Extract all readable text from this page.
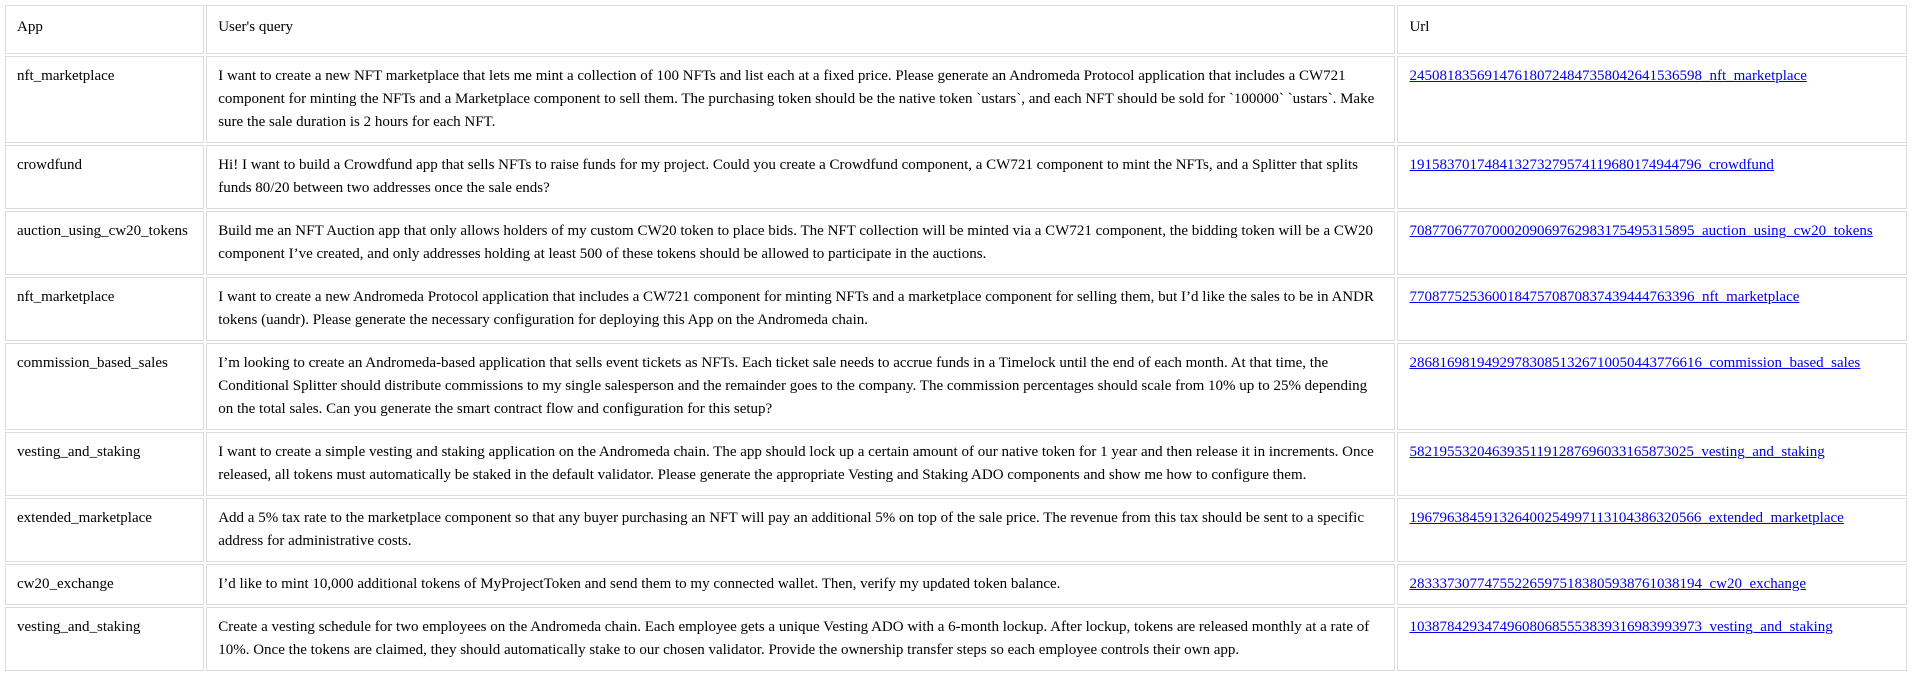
App	User's query	Url
nft_marketplace	I want to create a new NFT marketplace that lets me mint a collection of 100 NFTs and list each at a fixed price. Please generate an Andromeda Protocol application that includes a CW721 component for minting the NFTs and a Marketplace component to sell them. The purchasing token should be the native token `ustars`, and each NFT should be sold for `100000` `ustars`. Make sure the sale duration is 2 hours for each NFT.	245081835691476180724847358042641536598_nft_marketplace
crowdfund	Hi! I want to build a Crowdfund app that sells NFTs to raise funds for my project. Could you create a Crowdfund component, a CW721 component to mint the NFTs, and a Splitter that splits funds 80/20 between two addresses once the sale ends?	191583701748413273279574119680174944796_crowdfund
auction_using_cw20_tokens	Build me an NFT Auction app that only allows holders of my custom CW20 token to place bids. The NFT collection will be minted via a CW721 component, the bidding token will be a CW20 component I’ve created, and only addresses holding at least 500 of these tokens should be allowed to participate in the auctions.	70877067707000209069762983175495315895_auction_using_cw20_tokens
nft_marketplace	I want to create a new Andromeda Protocol application that includes a CW721 component for minting NFTs and a marketplace component for selling them, but I’d like the sales to be in ANDR tokens (uandr). Please generate the necessary configuration for deploying this App on the Andromeda chain.	77087752536001847570870837439444763396_nft_marketplace
commission_based_sales	I’m looking to create an Andromeda-based application that sells event tickets as NFTs. Each ticket sale needs to accrue funds in a Timelock until the end of each month. At that time, the Conditional Splitter should distribute commissions to my single salesperson and the remainder goes to the company. The commission percentages should scale from 10% up to 25% depending on the total sales. Can you generate the smart contract flow and configuration for this setup?	286816981949297830851326710050443776616_commission_based_sales
vesting_and_staking	I want to create a simple vesting and staking application on the Andromeda chain. The app should lock up a certain amount of our native token for 1 year and then release it in increments. Once released, all tokens must automatically be staked in the default validator. Please generate the appropriate Vesting and Staking ADO components and show me how to configure them.	58219553204639351191287696033165873025_vesting_and_staking
extended_marketplace	Add a 5% tax rate to the marketplace component so that any buyer purchasing an NFT will pay an additional 5% on top of the sale price. The revenue from this tax should be sent to a specific address for administrative costs.	196796384591326400254997113104386320566_extended_marketplace
cw20_exchange	I’d like to mint 10,000 additional tokens of MyProjectToken and send them to my connected wallet. Then, verify my updated token balance.	283337307747552265975183805938761038194_cw20_exchange
vesting_and_staking	Create a vesting schedule for two employees on the Andromeda chain. Each employee gets a unique Vesting ADO with a 6-month lockup. After lockup, tokens are released monthly at a rate of 10%. Once the tokens are claimed, they should automatically stake to our chosen validator. Provide the ownership transfer steps so each employee controls their own app.	103878429347496080685553839316983993973_vesting_and_staking
